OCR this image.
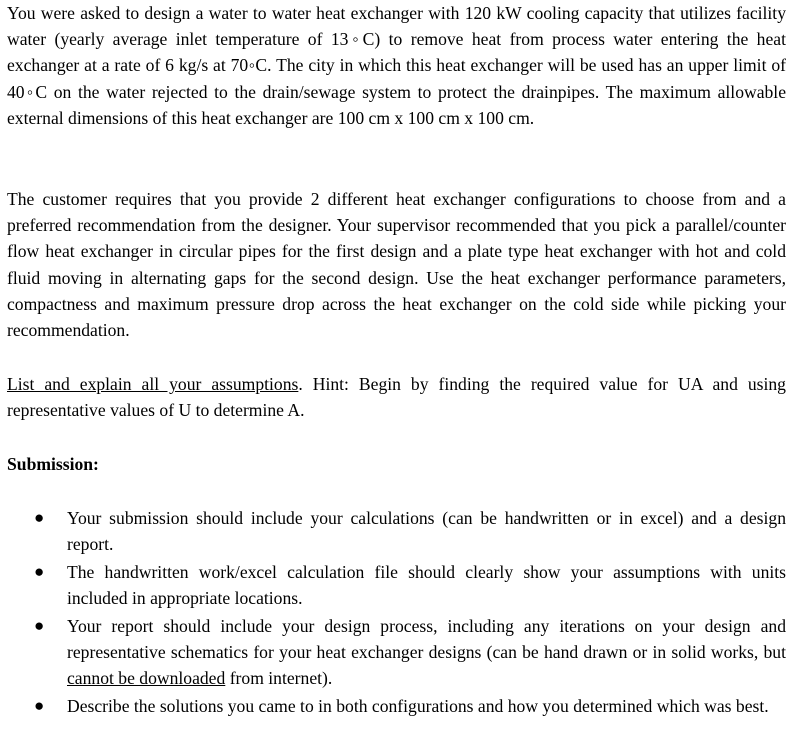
You were asked to design a water to water heat exchanger with 120 kW cooling capacity that utilizes facility water (yearly average inlet temperature of 13◦C) to remove heat from process water entering the heat exchanger at a rate of 6 kg/s at 70◦C. The city in which this heat exchanger will be used has an upper limit of 40◦C on the water rejected to the drain/sewage system to protect the drainpipes. The maximum allowable external dimensions of this heat exchanger are 100 cm x 100 cm x 100 cm.

The customer requires that you provide 2 different heat exchanger configurations to choose from and a preferred recommendation from the designer. Your supervisor recommended that you pick a parallel/counter flow heat exchanger in circular pipes for the first design and a plate type heat exchanger with hot and cold fluid moving in alternating gaps for the second design. Use the heat exchanger performance parameters, compactness and maximum pressure drop across the heat exchanger on the cold side while picking your recommendation.

List and explain all your assumptions. Hint: Begin by finding the required value for UA and using representative values of U to determine A.

Submission:
● Your submission should include your calculations (can be handwritten or in excel) and a design report.
● The handwritten work/excel calculation file should clearly show your assumptions with units included in appropriate locations.
● Your report should include your design process, including any iterations on your design and representative schematics for your heat exchanger designs (can be hand drawn or in solid works, but cannot be downloaded from internet).
● Describe the solutions you came to in both configurations and how you determined which was best.
